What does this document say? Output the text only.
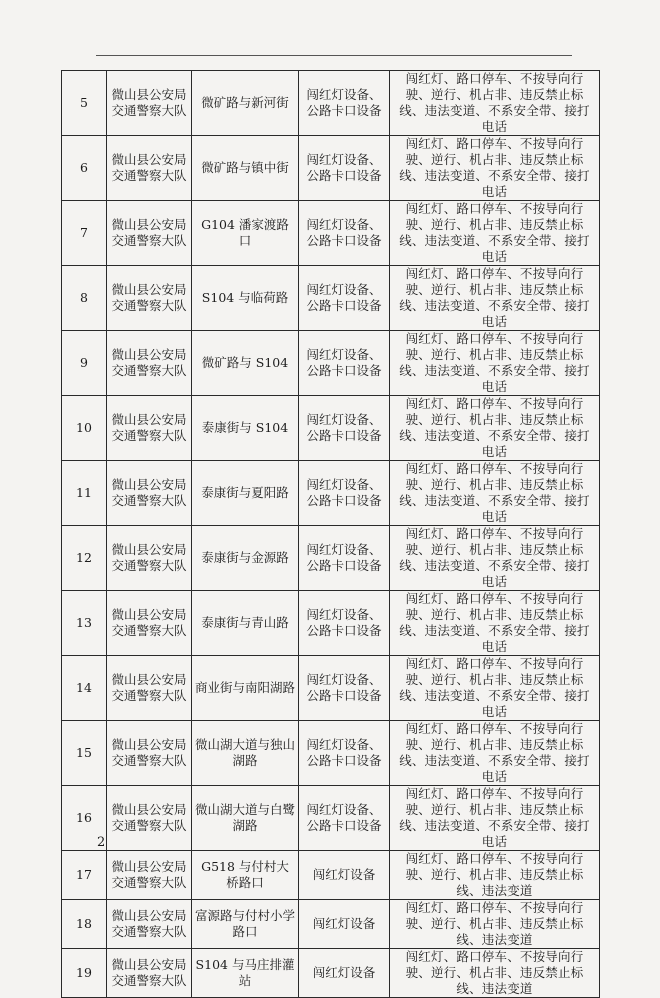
5	微山县公安局交通警察大队	微矿路与新河街	闯红灯设备、公路卡口设备	闯红灯、路口停车、不按导向行驶、逆行、机占非、违反禁止标线、违法变道、不系安全带、接打电话
6	微山县公安局交通警察大队	微矿路与镇中街	闯红灯设备、公路卡口设备	闯红灯、路口停车、不按导向行驶、逆行、机占非、违反禁止标线、违法变道、不系安全带、接打电话
7	微山县公安局交通警察大队	G104 潘家渡路口	闯红灯设备、公路卡口设备	闯红灯、路口停车、不按导向行驶、逆行、机占非、违反禁止标线、违法变道、不系安全带、接打电话
8	微山县公安局交通警察大队	S104 与临荷路	闯红灯设备、公路卡口设备	闯红灯、路口停车、不按导向行驶、逆行、机占非、违反禁止标线、违法变道、不系安全带、接打电话
9	微山县公安局交通警察大队	微矿路与 S104	闯红灯设备、公路卡口设备	闯红灯、路口停车、不按导向行驶、逆行、机占非、违反禁止标线、违法变道、不系安全带、接打电话
10	微山县公安局交通警察大队	泰康街与 S104	闯红灯设备、公路卡口设备	闯红灯、路口停车、不按导向行驶、逆行、机占非、违反禁止标线、违法变道、不系安全带、接打电话
11	微山县公安局交通警察大队	泰康街与夏阳路	闯红灯设备、公路卡口设备	闯红灯、路口停车、不按导向行驶、逆行、机占非、违反禁止标线、违法变道、不系安全带、接打电话
12	微山县公安局交通警察大队	泰康街与金源路	闯红灯设备、公路卡口设备	闯红灯、路口停车、不按导向行驶、逆行、机占非、违反禁止标线、违法变道、不系安全带、接打电话
13	微山县公安局交通警察大队	泰康街与青山路	闯红灯设备、公路卡口设备	闯红灯、路口停车、不按导向行驶、逆行、机占非、违反禁止标线、违法变道、不系安全带、接打电话
14	微山县公安局交通警察大队	商业街与南阳湖路	闯红灯设备、公路卡口设备	闯红灯、路口停车、不按导向行驶、逆行、机占非、违反禁止标线、违法变道、不系安全带、接打电话
15	微山县公安局交通警察大队	微山湖大道与独山湖路	闯红灯设备、公路卡口设备	闯红灯、路口停车、不按导向行驶、逆行、机占非、违反禁止标线、违法变道、不系安全带、接打电话
16	微山县公安局交通警察大队	微山湖大道与白鹭湖路	闯红灯设备、公路卡口设备	闯红灯、路口停车、不按导向行驶、逆行、机占非、违反禁止标线、违法变道、不系安全带、接打电话
17	微山县公安局交通警察大队	G518 与付村大桥路口	闯红灯设备	闯红灯、路口停车、不按导向行驶、逆行、机占非、违反禁止标线、违法变道
18	微山县公安局交通警察大队	富源路与付村小学路口	闯红灯设备	闯红灯、路口停车、不按导向行驶、逆行、机占非、违反禁止标线、违法变道
19	微山县公安局交通警察大队	S104 与马庄排灌站	闯红灯设备	闯红灯、路口停车、不按导向行驶、逆行、机占非、违反禁止标线、违法变道
2
